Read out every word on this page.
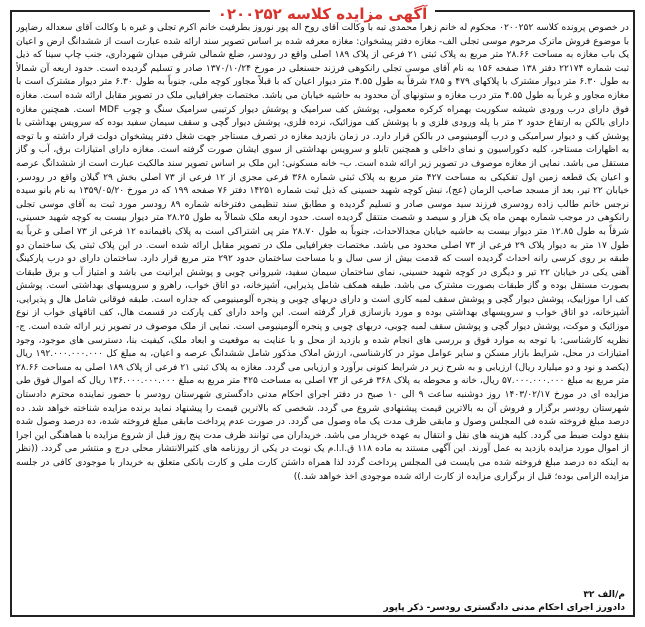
آگهی مزایده کلاسه ۰۲۰۰۲۵۲
در خصوص پرونده کلاسه ۰۲۰۰۲۵۲ محکوم له خانم زهرا محمدی تبه با وکالت آقای روح اله پور نوروز بطرفیت خانم اکرم تجلی و غیره با وکالت آقای سعداله رضاپور با موضوع فروش ماترک مرحوم موسی تجلی الف- مغازه دفتر پیشخوان: مغازه معرفه شده بر اساس تصویر سند ارائه شده عبارت است از ششدانگ ارض و اعیان یک باب مغازه به مساحت ۲۸.۶۶ متر مربع به پلاک ثبتی ۲۱ فرعی از پلاک ۱۸۹ اصلی واقع در رودسر، ضلع شمالی شرقی میدان شهرداری، جنب چاپ سینا که ذیل ثبت شماره ۲۲۱۷۴ دفتر ۱۳۸ صفحه ۱۵۶ به نام آقای موسی تجلی رانکوهی فرزند حسنعلی در مورخ ۱۳۷۰/۱۰/۲۴ صادر و تسلیم گردیده است. حدود اربعه آن شمالاً به طول ۶.۳۰ متر دیوار مشترک با پلاکهای ۴۷۹ و ۲۸۵ شرقاً به طول ۴.۵۵ متر دیوار اعیان که با قبلاً مجاور کوچه ملی، جنوباً به طول ۶.۳۰ متر دیوار مشترک است با مغازه مجاور و غرباً به طول ۴.۵۵ متر درب مغازه و ستونهای آن محدود به حاشیه خیابان می باشد. مختصات جغرافیایی ملک در تصویر مقابل ارائه شده است. مغازه فوق دارای درب ورودی شیشه سکوریت بهمراه کرکره معمولی، پوشش کف سرامیک و پوشش دیوار کرتیبی سرامیک سنگ و چوب MDF است. همچنین مغازه دارای بالکن به ارتفاع حدود ۲ متر با پله ورودی فلزی و با پوشش کف موزائیک، نرده فلزی، پوشش دیوار گچی و سقف سیمان سفید بوده که سرویس بهداشتی با پوشش کف و دیوار سرامیکی و درب آلومینیومی در بالکن قرار دارد. در زمان بازدید مغازه در تصرف مستاجر جهت شغل دفتر پیشخوان دولت قرار داشته و با توجه به اظهارات مستاجر، کلیه دکوراسیون و نمای داخلی و همچنین تابلو و سرویس بهداشتی از سوی ایشان صورت گرفته است. مغازه دارای امتیازات برق، آب و گاز مستقل می باشد. نمایی از مغازه موصوف در تصویر زیر ارائه شده است. ب- خانه مسکونی: این ملک بر اساس تصویر سند مالکیت عبارت است از ششدانگ عرصه و اعیان یک قطعه زمین اول تفکیکی به مساحت ۴۲۷ متر مربع به پلاک ثبتی شماره ۳۶۸ فرعی مجزی از ۱۲ فرعی از ۷۳ اصلی بخش ۲۹ گیلان واقع در رودسر، خیابان ۲۲ تیر، بعد از مسجد صاحب الزمان (عج)، نبش کوچه شهید حسینی که ذیل ثبت شماره ۱۴۲۵۱ دفتر ۷۶ صفحه ۱۹۹ که در مورخ ۱۳۵۹/۰۵/۲۰ به نام بانو سیده نرجس خانم طالب زاده رودسری فرزند سید موسی صادر و تسلیم گردیده و مطابق سند تنظیمی دفترخانه شماره ۸۹ رودسر مورد ثبت به آقای موسی تجلی رانکوهی در موجب شماره بهمن ماه یک هزار و سیصد و شصت منتقل گردیده است. حدود اربعه ملک شمالاً به طول ۲۸.۲۵ متر دیوار بیست به کوچه شهید حسینی، شرقاً به طول ۱۲.۸۵ متر دیوار بیست به حاشیه خیابان مجدالاحداث، جنوباً به طول ۲۸.۷۰ متر پی اشتراکی است به پلاک باقیمانده ۱۲ فرعی از ۷۳ اصلی و غرباً به طول ۱۷ متر به دیوار پلاک ۲۹ فرعی از ۷۳ اصلی محدود می باشد. مختصات جغرافیایی ملک در تصویر مقابل ارائه شده است. در این پلاک ثبتی یک ساختمان دو طبقه بر روی کرسی رانه احداث گردیده است که قدمت بیش از سی سال و با مساحت ساختمان حدود ۲۹۲ متر مربع قرار دارد. ساختمان دارای دو درب پارکینگ آهنی یکی در خیابان ۲۲ تیر و دیگری در کوچه شهید حسینی، نمای ساختمان سیمان سفید، شیروانی چوبی و پوشش ایرانیت می باشد و امتیاز آب و برق طبقات بصورت مستقل بوده و گاز طبقات بصورت مشترک می باشد. طبقه همکف شامل پذیرایی، آشپزخانه، دو اتاق خواب، راهرو و سرویسهای بهداشتی است. پوشش کف ارا موزاییک، پوشش دیوار گچی و پوشش سقف لمبه کاری است و دارای دربهای چوبی و پنجره آلومینیومی که جداره است. طبقه فوقانی شامل هال و پذیرایی، آشپزخانه، دو اتاق خواب و سرویسهای بهداشتی بوده و مورد بازسازی قرار گرفته است. این واحد دارای کف پارکت در قسمت هال، کف اتاقهای خواب از نوع موزائیک و موکت، پوشش دیوار گچی و پوشش سقف لمبه چوبی، دربهای چوبی و پنجره آلومینیومی است. نمایی از ملک موصوف در تصویر زیر ارائه شده است. ج- نظریه کارشناسی: با توجه به موارد فوق و بررسی های انجام شده و بازدید از محل و با عنایت به موقعیت و ابعاد ملک، کیفیت بنا، دسترسی های موجود، وجود امتیازات در محل، شرایط بازار مسکن و سایر عوامل موثر در کارشناسی، ارزش املاک مذکور شامل ششدانگ عرصه و اعیان، به مبلغ کل ۱۹۲.۰۰۰.۰۰۰.۰۰۰ ریال (یکصد و نود و دو میلیارد ریال) ارزیابی و به شرح زیر در شرایط کنونی برآورد و ارزیابی می گردد. مغازه به پلاک ثبتی ۲۱ فرعی از پلاک ۱۸۹ اصلی به مساحت ۲۸.۶۶ متر مربع به مبلغ ۵۷.۰۰۰.۰۰۰.۰۰۰ ریال، خانه و محوطه به پلاک ۳۶۸ فرعی از ۷۳ اصلی به مساحت ۴۲۵ متر مربع به مبلغ ۱۳۶.۰۰۰.۰۰۰.۰۰۰ ریال که اموال فوق طی مزایده ای در مورخ ۱۴۰۳/۰۲/۱۷ روز دوشنبه ساعت ۹ الی ۱۰ صبح در دفتر اجرای احکام مدنی دادگستری شهرستان رودسر با حضور نماینده محترم دادستان شهرستان رودسر برگزار و فروش آن به بالاترین قیمت پیشنهادی شروع می گردد. شخصی که بالاترین قیمت را پیشنهاد نماید برنده مزایده شناخته خواهد شد. ده درصد مبلغ فروخته شده فی المجلس وصول و مابقی ظرف مدت یک ماه وصول می گردد. در صورت عدم پرداخت مابقی مبلغ فروخته شده، ده درصد وصول شده بنفع دولت ضبط می گردد. کلیه هزینه های نقل و انتقال به عهده خریدار می باشد. خریداران می توانند ظرف مدت پنج روز قبل از شروع مزایده با هماهنگی این اجرا از اموال مورد مزایده بازدید به عمل آورند. این آگهی مستند به ماده ۱۱۸ ق.ا.ا.م یک نوبت در یکی از روزنامه های کثیرالانتشار محلی درج و منتشر می گردد. ((نظر به اینکه ده درصد مبلغ فروخته شده می بایست فی المجلس پرداخت گردد لذا همراه داشتن کارت ملی و کارت بانکی متعلق به خریدار با موجودی کافی در جلسه مزایده الزامی بوده؛ قبل از برگزاری مزایده از کارت ارائه شده موجودی اخذ خواهد شد.))
م/الف ۳۲
دادورز اجرای احکام مدنی دادگستری رودسر- ذکر پاپور
